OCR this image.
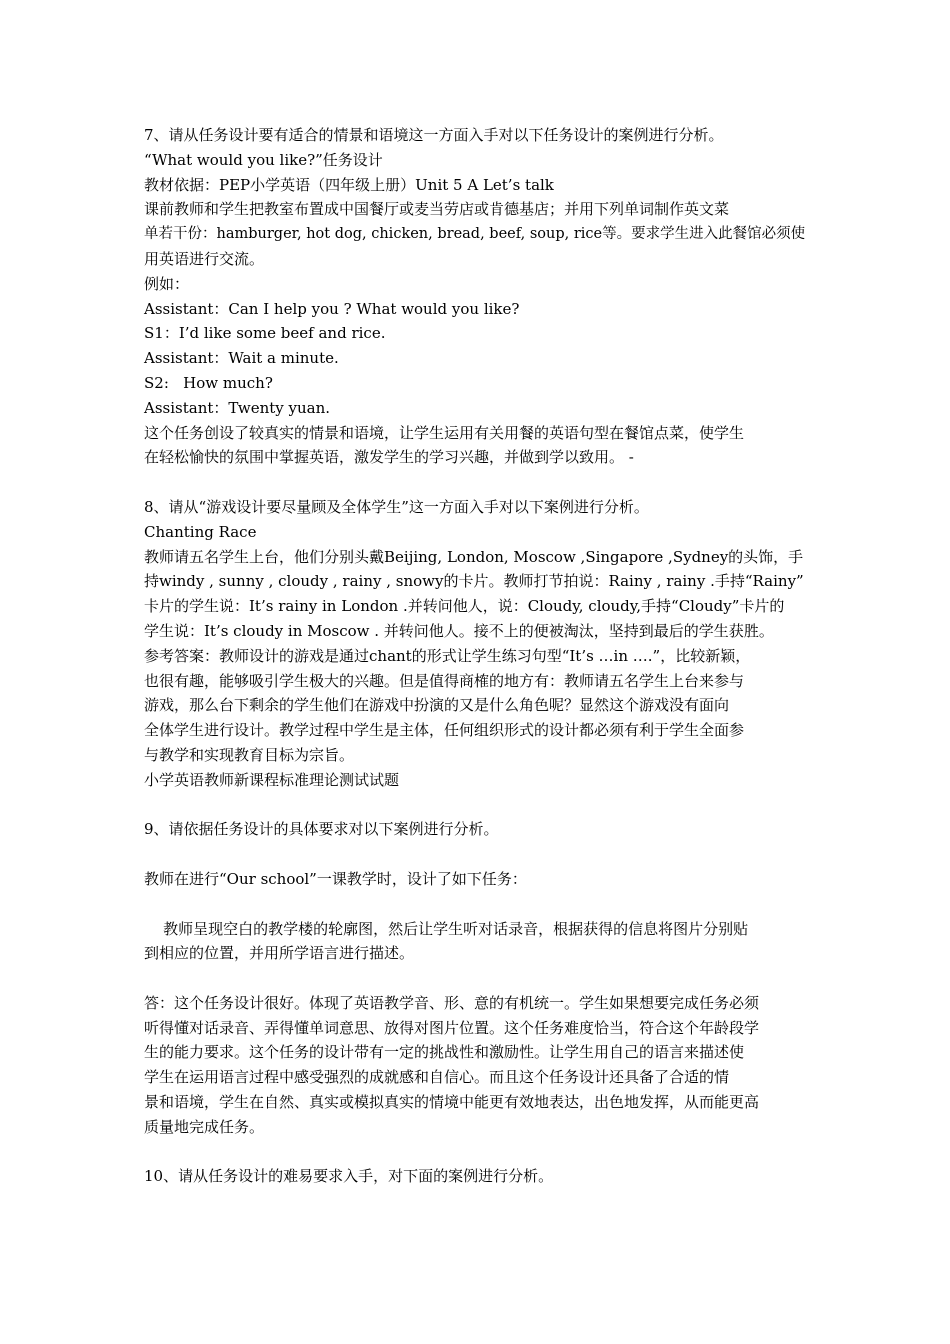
7、请从任务设计要有适合的情景和语境这一方面入手对以下任务设计的案例进行分析。
“What would you like?”任务设计
教材依据：PEP小学英语（四年级上册）Unit 5 A Let’s talk
课前教师和学生把教室布置成中国餐厅或麦当劳店或肯德基店；并用下列单词制作英文菜
单若干份：hamburger, hot dog, chicken, bread, beef, soup, rice等。要求学生进入此餐馆必须使
用英语进行交流。
例如：
Assistant：Can I help you ? What would you like?
S1：I’d like some beef and rice.
Assistant：Wait a minute.
S2:   How much?
Assistant：Twenty yuan.
这个任务创设了较真实的情景和语境，让学生运用有关用餐的英语句型在餐馆点菜，使学生
在轻松愉快的氛围中掌握英语，激发学生的学习兴趣，并做到学以致用。 -
8、请从“游戏设计要尽量顾及全体学生”这一方面入手对以下案例进行分析。
Chanting Race
教师请五名学生上台，他们分别头戴Beijing, London, Moscow ,Singapore ,Sydney的头饰，手
持windy , sunny , cloudy , rainy , snowy的卡片。教师打节拍说：Rainy , rainy .手持“Rainy”
卡片的学生说：It’s rainy in London .并转问他人，说：Cloudy, cloudy,手持“Cloudy”卡片的
学生说：It’s cloudy in Moscow . 并转问他人。接不上的便被淘汰，坚持到最后的学生获胜。
参考答案：教师设计的游戏是通过chant的形式让学生练习句型“It’s …in ….”，比较新颖，
也很有趣，能够吸引学生极大的兴趣。但是值得商榷的地方有：教师请五名学生上台来参与
游戏，那么台下剩余的学生他们在游戏中扮演的又是什么角色呢？显然这个游戏没有面向
全体学生进行设计。教学过程中学生是主体，任何组织形式的设计都必须有利于学生全面参
与教学和实现教育目标为宗旨。
小学英语教师新课程标准理论测试试题
9、请依据任务设计的具体要求对以下案例进行分析。
教师在进行“Our school”一课教学时，设计了如下任务：
教师呈现空白的教学楼的轮廓图，然后让学生听对话录音，根据获得的信息将图片分别贴
到相应的位置，并用所学语言进行描述。
答：这个任务设计很好。体现了英语教学音、形、意的有机统一。学生如果想要完成任务必须
听得懂对话录音、弄得懂单词意思、放得对图片位置。这个任务难度恰当，符合这个年龄段学
生的能力要求。这个任务的设计带有一定的挑战性和激励性。让学生用自己的语言来描述使
学生在运用语言过程中感受强烈的成就感和自信心。而且这个任务设计还具备了合适的情
景和语境，学生在自然、真实或模拟真实的情境中能更有效地表达，出色地发挥，从而能更高
质量地完成任务。
10、请从任务设计的难易要求入手，对下面的案例进行分析。
